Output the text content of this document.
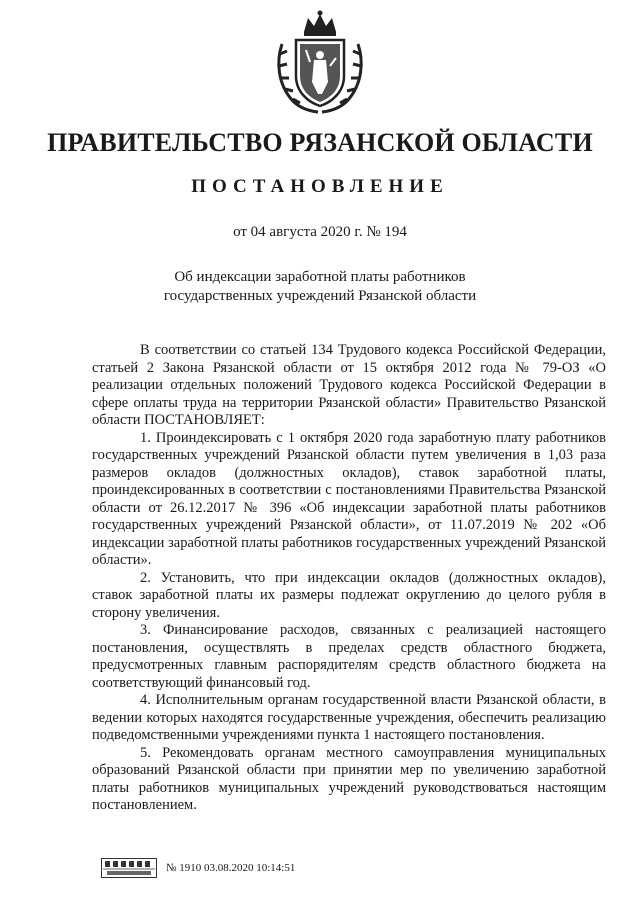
ПРАВИТЕЛЬСТВО РЯЗАНСКОЙ ОБЛАСТИ
ПОСТАНОВЛЕНИЕ
от 04 августа 2020 г. № 194
Об индексации заработной платы работников
государственных учреждений Рязанской области

В соответствии со статьей 134 Трудового кодекса Российской Федерации, статьей 2 Закона Рязанской области от 15 октября 2012 года № 79-ОЗ «О реализации отдельных положений Трудового кодекса Российской Федерации в сфере оплаты труда на территории Рязанской области» Правительство Рязанской области ПОСТАНОВЛЯЕТ:

1. Проиндексировать с 1 октября 2020 года заработную плату работников государственных учреждений Рязанской области путем увеличения в 1,03 раза размеров окладов (должностных окладов), ставок заработной платы, проиндексированных в соответствии с постановлениями Правительства Рязанской области от 26.12.2017 № 396 «Об индексации заработной платы работников государственных учреждений Рязанской области», от 11.07.2019 № 202 «Об индексации заработной платы работников государственных учреждений Рязанской области».

2. Установить, что при индексации окладов (должностных окладов), ставок заработной платы их размеры подлежат округлению до целого рубля в сторону увеличения.

3. Финансирование расходов, связанных с реализацией настоящего постановления, осуществлять в пределах средств областного бюджета, предусмотренных главным распорядителям средств областного бюджета на соответствующий финансовый год.

4. Исполнительным органам государственной власти Рязанской области, в ведении которых находятся государственные учреждения, обеспечить реализацию подведомственными учреждениями пункта 1 настоящего постановления.

5. Рекомендовать органам местного самоуправления муниципальных образований Рязанской области при принятии мер по увеличению заработной платы работников муниципальных учреждений руководствоваться настоящим постановлением.

№ 1910 03.08.2020 10:14:51
